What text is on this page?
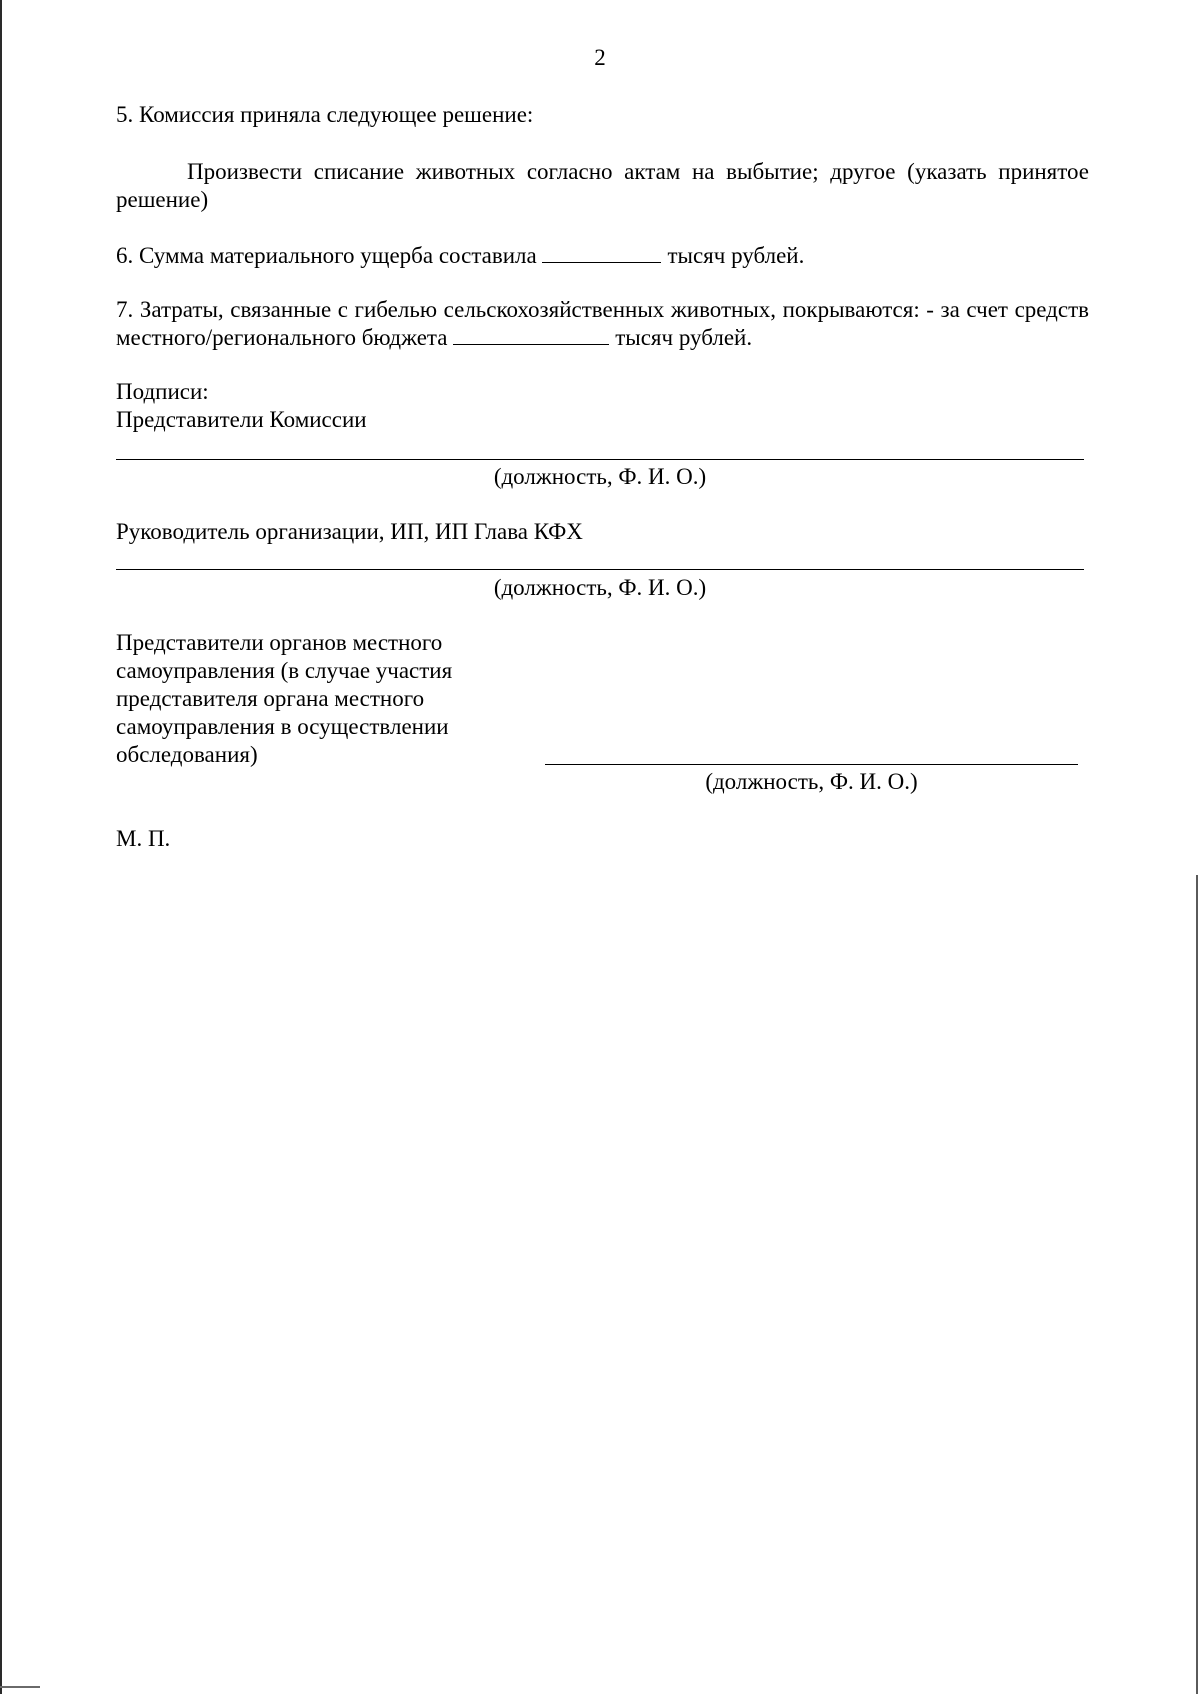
2

5. Комиссия приняла следующее решение:

Произвести списание животных согласно актам на выбытие; другое (указать принятое решение)

6. Сумма материального ущерба составила	тысяч рублей.

7. Затраты, связанные с гибелью сельскохозяйственных животных, покрываются: - за счет средств местного/регионального бюджета	тысяч рублей.

Подписи:
Представители Комиссии
(должность, Ф. И. О.)
Руководитель организации, ИП, ИП Глава КФХ
(должность, Ф. И. О.)
Представители органов местного самоуправления (в случае участия представителя органа местного самоуправления в осуществлении обследования)
(должность, Ф. И. О.)
М. П.
